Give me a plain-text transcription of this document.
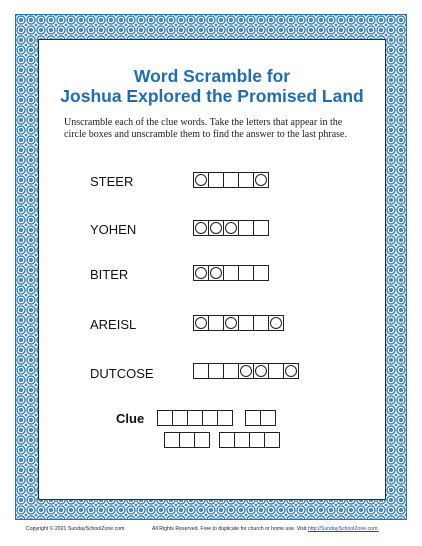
Word Scramble for
Joshua Explored the Promised Land
Unscramble each of the clue words. Take the letters that appear in the circle boxes and unscramble them to find the answer to the last phrase.
STEER
YOHEN
BITER
AREISL
DUTCOSE
Clue
Copyright © 2021 SundaySchoolZone.com	All Rights Reserved. Free to duplicate for church or home use. Visit http://SundaySchoolZone.com.
